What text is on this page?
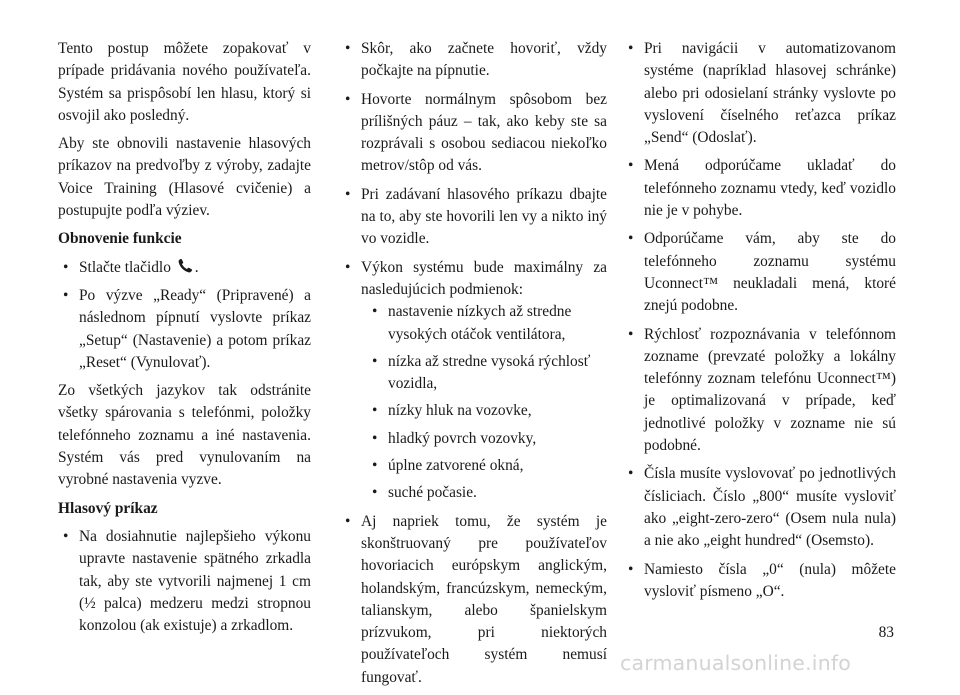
Tento postup môžete zopakovať v prípade pridávania nového používateľa. Systém sa prispôsobí len hlasu, ktorý si osvojil ako posledný.

Aby ste obnovili nastavenie hlasových príkazov na predvoľby z výroby, zadajte Voice Training (Hlasové cvičenie) a postupujte podľa výziev.

Obnovenie funkcie

• Stlačte tlačidlo .
• Po výzve „Ready“ (Pripravené) a následnom pípnutí vyslovte príkaz „Setup“ (Nastavenie) a potom príkaz „Reset“ (Vynulovať).

Zo všetkých jazykov tak odstránite všetky spárovania s telefónmi, položky telefónneho zoznamu a iné nastavenia. Systém vás pred vynulovaním na vyrobné nastavenia vyzve.

Hlasový príkaz

• Na dosiahnutie najlepšieho výkonu upravte nastavenie spätného zrkadla tak, aby ste vytvorili najmenej 1 cm (½ palca) medzeru medzi stropnou konzolou (ak existuje) a zrkadlom.
• Skôr, ako začnete hovoriť, vždy počkajte na pípnutie.
• Hovorte normálnym spôsobom bez prílišných páuz – tak, ako keby ste sa rozprávali s osobou sediacou niekoľko metrov/stôp od vás.
• Pri zadávaní hlasového príkazu dbajte na to, aby ste hovorili len vy a nikto iný vo vozidle.
• Výkon systému bude maximálny za nasledujúcich podmienok:
• nastavenie nízkych až stredne vysokých otáčok ventilátora,
• nízka až stredne vysoká rýchlosť vozidla,
• nízky hluk na vozovke,
• hladký povrch vozovky,
• úplne zatvorené okná,
• suché počasie.
• Aj napriek tomu, že systém je skonštruovaný pre používateľov hovoriacich európskym anglickým, holandským, francúzskym, nemeckým, talianskym, alebo španielskym prízvukom, pri niektorých používateľoch systém nemusí fungovať.
• Pri navigácii v automatizovanom systéme (napríklad hlasovej schránke) alebo pri odosielaní stránky vyslovte po vyslovení číselného reťazca príkaz „Send“ (Odoslať).
• Mená odporúčame ukladať do telefónneho zoznamu vtedy, keď vozidlo nie je v pohybe.
• Odporúčame vám, aby ste do telefónneho zoznamu systému Uconnect™ neukladali mená, ktoré znejú podobne.
• Rýchlosť rozpoznávania v telefónnom zozname (prevzaté položky a lokálny telefónny zoznam telefónu Uconnect™) je optimalizovaná v prípade, keď jednotlivé položky v zozname nie sú podobné.
• Čísla musíte vyslovovať po jednotlivých čísliciach. Číslo „800“ musíte vysloviť ako „eight-zero-zero“ (Osem nula nula) a nie ako „eight hundred“ (Osemsto).
• Namiesto čísla „0“ (nula) môžete vysloviť písmeno „O“.
83
carmanualsonline.info
